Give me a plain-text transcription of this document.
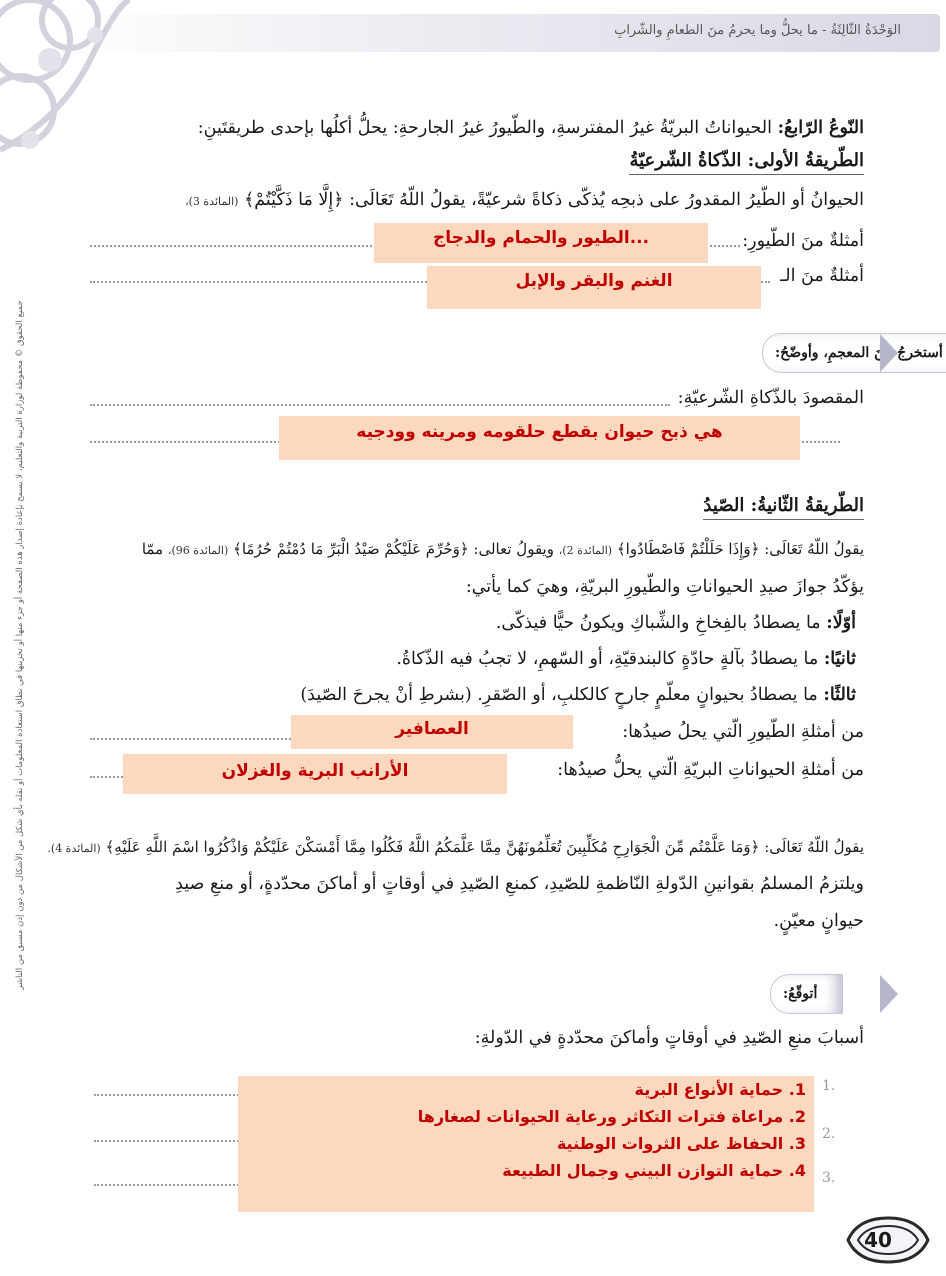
الوَحْدَةُ الثّالِثَةُ - ما يحلُّ وما يحرمُ منَ الطعامِ والشّرابِ
جميع الحقوق © محفوظة لوزارة التربية والتعليم، لا يسمح بإعادة إصدار هذه الصفحة أو جزء منها أو تخزينها في نطاق استعادة المعلومات أو نقله بأي شكل من الأشكال من دون إذن مسبق من الناشر
النّوعُ الرّابعُ: الحيواناتُ البريّةُ غيرُ المفترسةِ، والطّيورُ غيرُ الجارحةِ: يحلُّ أكلُها بإحدى طريقتَينِ:
الطّريقةُ الأولى: الذّكاةُ الشّرعيّةُ
الحيوانُ أو الطّيرُ المقدورُ على ذبحِه يُذكّى ذكاةً شرعيّةً، يقولُ اللّهُ تَعَالَى: ﴿إِلَّا مَا ذَكَّيْتُمْ﴾ (المائدة 3)،
أمثلةٌ منَ الطّيورِ:
الطيور والحمام والدجاج...
أمثلةٌ منَ الـ
الغنم والبقر والإبل
أستخرجُ منَ المعجمِ، وأوضّحُ:
المقصودَ بالذّكاةِ الشّرعيّةِ:
هي ذبح حيوان بقطع حلقومه ومرينه وودجيه
الطّريقةُ الثّانيةُ: الصّيدُ
يقولُ اللّهُ تَعَالَى: ﴿وَإِذَا حَلَلْتُمْ فَاصْطَادُوا﴾ (المائدة 2)، ويقولُ تعالى: ﴿وَحُرِّمَ عَلَيْكُمْ صَيْدُ الْبَرِّ مَا دُمْتُمْ حُرُمًا﴾ (المائدة 96)، ممّا
يؤكّدُ جوازَ صيدِ الحيواناتِ والطّيورِ البريّةِ، وهيَ كما يأتي:
أوّلًا: ما يصطادُ بالفِخاخِ والشِّباكِ ويكونُ حيًّا فيذكّى.
ثانيًا: ما يصطادُ بآلةٍ حادّةٍ كالبندقيّةِ، أو السّهمِ، لا تجبُ فيه الذّكاةُ.
ثالثًا: ما يصطادُ بحيوانٍ معلّمٍ جارحٍ كالكلبِ، أو الصّقرِ. (بشرطِ أنْ يجرحَ الصّيدَ)
من أمثلةِ الطّيورِ الّتي يحلُ صيدُها:
العصافير
من أمثلةِ الحيواناتِ البريّةِ الّتي يحلُّ صيدُها:
الأرانب البرية والغزلان
يقولُ اللّهُ تَعَالَى: ﴿وَمَا عَلَّمْتُم مِّنَ الْجَوَارِحِ مُكَلِّبِينَ تُعَلِّمُونَهُنَّ مِمَّا عَلَّمَكُمُ اللَّهُ فَكُلُوا مِمَّا أَمْسَكْنَ عَلَيْكُمْ وَاذْكُرُوا اسْمَ اللَّهِ عَلَيْهِ﴾ (المائدة 4).
ويلتزمُ المسلمُ بقوانينِ الدّولةِ النّاظمةِ للصّيدِ، كمنعِ الصّيدِ في أوقاتٍ أو أماكنَ محدّدةٍ، أو منعِ صيدِ
حيوانٍ معيّنٍ.
أتوقّعُ:
أسبابَ منعِ الصّيدِ في أوقاتٍ وأماكنَ محدّدةٍ في الدّولةِ:
1.
2.
3.
1. حماية الأنواع البرية
2. مراعاة فترات التكاثر ورعاية الحيوانات لصغارها
3. الحفاظ على الثروات الوطنية
4. حماية التوازن البيني وجمال الطبيعة
40
